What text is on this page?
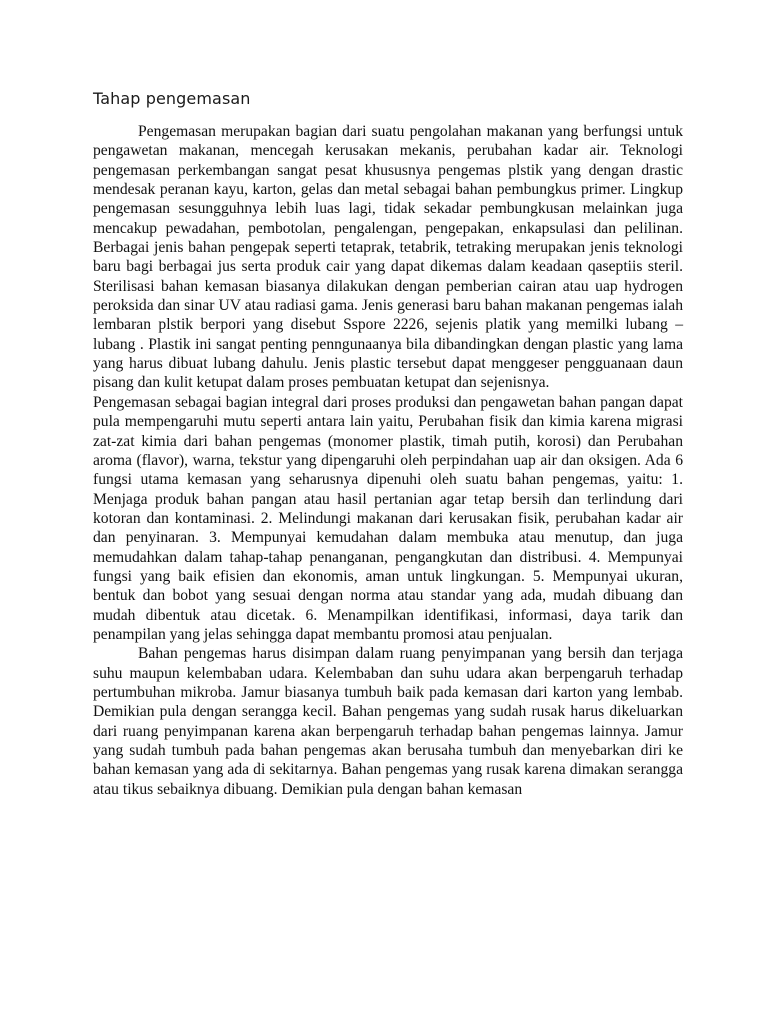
Tahap pengemasan

Pengemasan merupakan bagian dari suatu pengolahan makanan yang berfungsi untuk pengawetan makanan, mencegah kerusakan mekanis, perubahan kadar air. Teknologi pengemasan perkembangan sangat pesat khususnya pengemas plstik yang dengan drastic mendesak peranan kayu, karton, gelas dan metal sebagai bahan pembungkus primer. Lingkup pengemasan sesungguhnya lebih luas lagi, tidak sekadar pembungkusan melainkan juga mencakup pewadahan, pembotolan, pengalengan, pengepakan, enkapsulasi dan pelilinan. Berbagai jenis bahan pengepak seperti tetaprak, tetabrik, tetraking merupakan jenis teknologi baru bagi berbagai jus serta produk cair yang dapat dikemas dalam keadaan qaseptiis steril. Sterilisasi bahan kemasan biasanya dilakukan dengan pemberian cairan atau uap hydrogen peroksida dan sinar UV atau radiasi gama. Jenis generasi baru bahan makanan pengemas ialah lembaran plstik berpori yang disebut Sspore 2226, sejenis platik yang memilki lubang – lubang . Plastik ini sangat penting penngunaanya bila dibandingkan dengan plastic yang lama yang harus dibuat lubang dahulu. Jenis plastic tersebut dapat menggeser pengguanaan daun pisang dan kulit ketupat dalam proses pembuatan ketupat dan sejenisnya.

Pengemasan sebagai bagian integral dari proses produksi dan pengawetan bahan pangan dapat pula mempengaruhi mutu seperti antara lain yaitu, Perubahan fisik dan kimia karena migrasi zat-zat kimia dari bahan pengemas (monomer plastik, timah putih, korosi) dan Perubahan aroma (flavor), warna, tekstur yang dipengaruhi oleh perpindahan uap air dan oksigen. Ada 6 fungsi utama kemasan yang seharusnya dipenuhi oleh suatu bahan pengemas, yaitu: 1. Menjaga produk bahan pangan atau hasil pertanian agar tetap bersih dan terlindung dari kotoran dan kontaminasi. 2. Melindungi makanan dari kerusakan fisik, perubahan kadar air dan penyinaran. 3. Mempunyai kemudahan dalam membuka atau menutup, dan juga memudahkan dalam tahap-tahap penanganan, pengangkutan dan distribusi. 4. Mempunyai fungsi yang baik efisien dan ekonomis, aman untuk lingkungan. 5. Mempunyai ukuran, bentuk dan bobot yang sesuai dengan norma atau standar yang ada, mudah dibuang dan mudah dibentuk atau dicetak. 6. Menampilkan identifikasi, informasi, daya tarik dan penampilan yang jelas sehingga dapat membantu promosi atau penjualan.

Bahan pengemas harus disimpan dalam ruang penyimpanan yang bersih dan terjaga suhu maupun kelembaban udara. Kelembaban dan suhu udara akan berpengaruh terhadap pertumbuhan mikroba. Jamur biasanya tumbuh baik pada kemasan dari karton yang lembab. Demikian pula dengan serangga kecil. Bahan pengemas yang sudah rusak harus dikeluarkan dari ruang penyimpanan karena akan berpengaruh terhadap bahan pengemas lainnya. Jamur yang sudah tumbuh pada bahan pengemas akan berusaha tumbuh dan menyebarkan diri ke bahan kemasan yang ada di sekitarnya. Bahan pengemas yang rusak karena dimakan serangga atau tikus sebaiknya dibuang. Demikian pula dengan bahan kemasan
